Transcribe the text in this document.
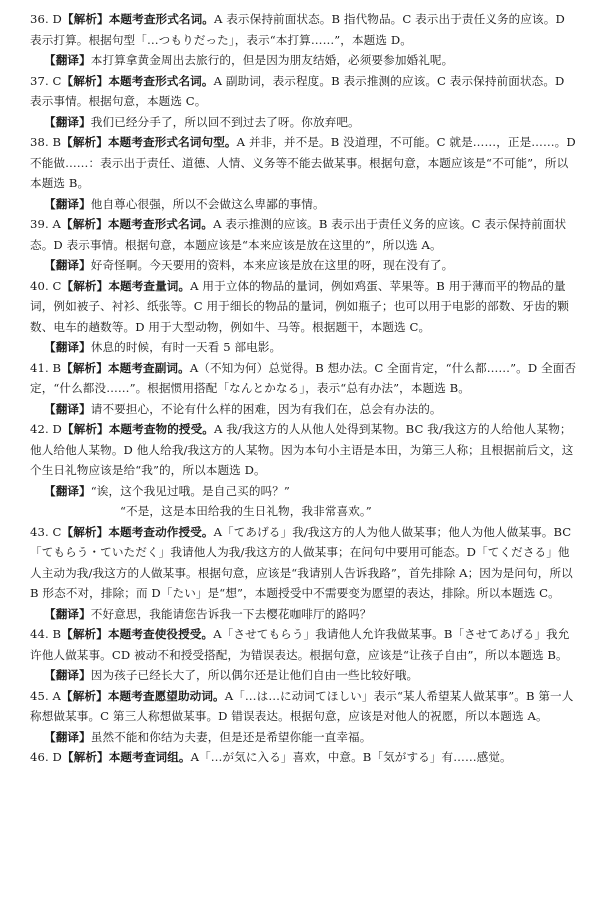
36. D【解析】本题考查形式名词。A 表示保持前面状态。B 指代物品。C 表示出于责任义务的应该。D 表示打算。根据句型「…つもりだった」，表示“本打算……”，本题选 D。
【翻译】本打算拿黄金周出去旅行的，但是因为朋友结婚，必须要参加婚礼呢。
37. C【解析】本题考查形式名词。A 副助词，表示程度。B 表示推测的应该。C 表示保持前面状态。D 表示事情。根据句意，本题选 C。
【翻译】我们已经分手了，所以回不到过去了呀。你放弃吧。
38. B【解析】本题考查形式名词句型。A 并非，并不是。B 没道理，不可能。C 就是……，正是……。D 不能做……：表示出于责任、道德、人情、义务等不能去做某事。根据句意，本题应该是“不可能”，所以本题选 B。
【翻译】他自尊心很强，所以不会做这么卑鄙的事情。
39. A【解析】本题考查形式名词。A 表示推测的应该。B 表示出于责任义务的应该。C 表示保持前面状态。D 表示事情。根据句意，本题应该是“本来应该是放在这里的”，所以选 A。
【翻译】好奇怪啊。今天要用的资料，本来应该是放在这里的呀，现在没有了。
40. C【解析】本题考查量词。A 用于立体的物品的量词，例如鸡蛋、苹果等。B 用于薄而平的物品的量词，例如被子、衬衫、纸张等。C 用于细长的物品的量词，例如瓶子；也可以用于电影的部数、牙齿的颗数、电车的趟数等。D 用于大型动物，例如牛、马等。根据题干，本题选 C。
【翻译】休息的时候，有时一天看 5 部电影。
41. B【解析】本题考查副词。A（不知为何）总觉得。B 想办法。C 全面肯定，“什么都……”。D 全面否定，“什么都没……”。根据惯用搭配「なんとかなる」，表示“总有办法”，本题选 B。
【翻译】请不要担心，不论有什么样的困难，因为有我们在，总会有办法的。
42. D【解析】本题考查物的授受。A 我/我这方的人从他人处得到某物。BC 我/我这方的人给他人某物；他人给他人某物。D 他人给我/我这方的人某物。因为本句小主语是本田，为第三人称；且根据前后文，这个生日礼物应该是给“我”的，所以本题选 D。
【翻译】“诶，这个我见过哦。是自己买的吗？”
“不是，这是本田给我的生日礼物，我非常喜欢。”
43. C【解析】本题考查动作授受。A「てあげる」我/我这方的人为他人做某事；他人为他人做某事。BC「てもらう・ていただく」我请他人为我/我这方的人做某事；在问句中要用可能态。D「てくださる」他人主动为我/我这方的人做某事。根据句意，应该是“我请别人告诉我路”，首先排除 A；因为是问句，所以 B 形态不对，排除；而 D「たい」是“想”，本题授受中不需要变为愿望的表达，排除。所以本题选 C。
【翻译】不好意思，我能请您告诉我一下去樱花咖啡厅的路吗？
44. B【解析】本题考查使役授受。A「させてもらう」我请他人允许我做某事。B「させてあげる」我允许他人做某事。CD 被动不和授受搭配，为错误表达。根据句意，应该是“让孩子自由”，所以本题选 B。
【翻译】因为孩子已经长大了，所以偶尔还是让他们自由一些比较好哦。
45. A【解析】本题考查愿望助动词。A「…は…に动词てほしい」表示“某人希望某人做某事”。B 第一人称想做某事。C 第三人称想做某事。D 错误表达。根据句意，应该是对他人的祝愿，所以本题选 A。
【翻译】虽然不能和你结为夫妻，但是还是希望你能一直幸福。
46. D【解析】本题考查词组。A「…が気に入る」喜欢，中意。B「気がする」有……感觉。
